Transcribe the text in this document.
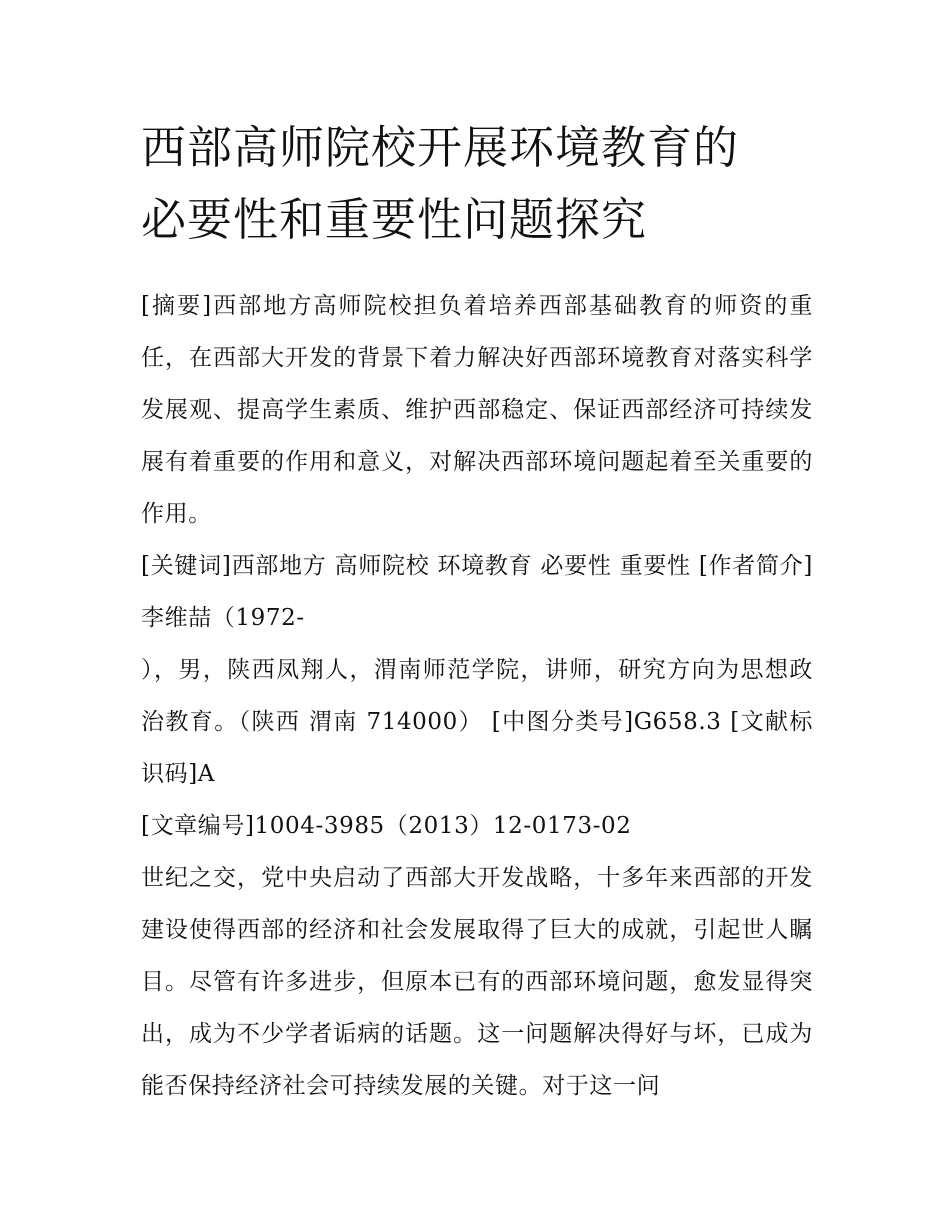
西部高师院校开展环境教育的
必要性和重要性问题探究

[摘要]西部地方高师院校担负着培养西部基础教育的师资的重任，在西部大开发的背景下着力解决好西部环境教育对落实科学发展观、提高学生素质、维护西部稳定、保证西部经济可持续发展有着重要的作用和意义，对解决西部环境问题起着至关重要的作用。

[关键词]西部地方 高师院校 环境教育 必要性 重要性 [作者简介]李维喆（1972-

），男，陕西凤翔人，渭南师范学院，讲师，研究方向为思想政治教育。（陕西 渭南 714000） [中图分类号]G658.3 [文献标识码]A

[文章编号]1004-3985（2013）12-0173-02

世纪之交，党中央启动了西部大开发战略，十多年来西部的开发建设使得西部的经济和社会发展取得了巨大的成就，引起世人瞩目。尽管有许多进步，但原本已有的西部环境问题，愈发显得突出，成为不少学者诟病的话题。这一问题解决得好与坏，已成为能否保持经济社会可持续发展的关键。对于这一问
